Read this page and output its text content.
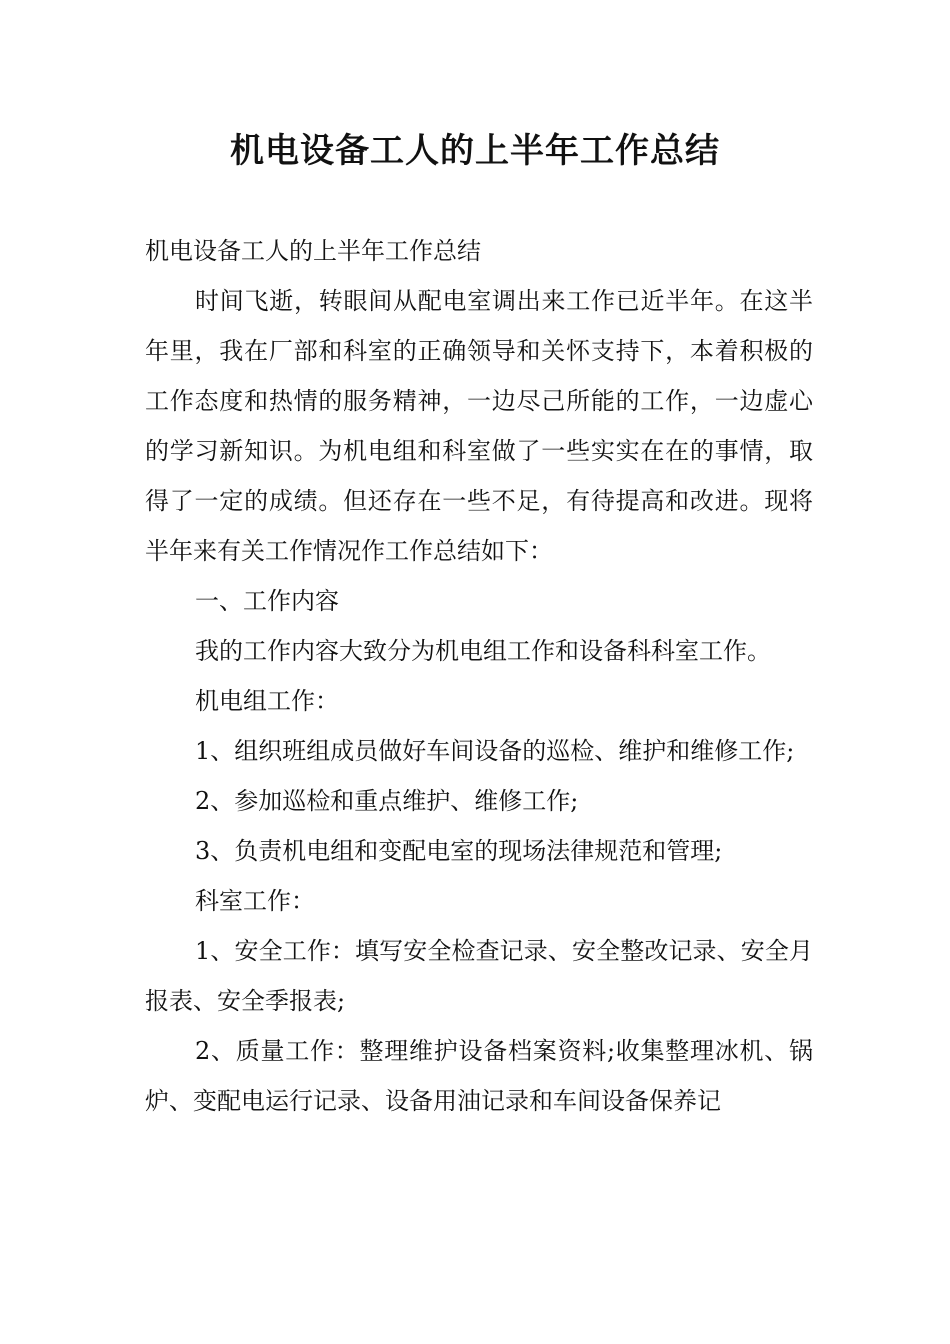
机电设备工人的上半年工作总结

机电设备工人的上半年工作总结

时间飞逝，转眼间从配电室调出来工作已近半年。在这半年里，我在厂部和科室的正确领导和关怀支持下，本着积极的工作态度和热情的服务精神，一边尽己所能的工作，一边虚心的学习新知识。为机电组和科室做了一些实实在在的事情，取得了一定的成绩。但还存在一些不足，有待提高和改进。现将半年来有关工作情况作工作总结如下：

一、工作内容

我的工作内容大致分为机电组工作和设备科科室工作。

机电组工作：

1、组织班组成员做好车间设备的巡检、维护和维修工作;

2、参加巡检和重点维护、维修工作;

3、负责机电组和变配电室的现场法律规范和管理;

科室工作：

1、安全工作：填写安全检查记录、安全整改记录、安全月报表、安全季报表;

2、质量工作：整理维护设备档案资料;收集整理冰机、锅炉、变配电运行记录、设备用油记录和车间设备保养记
